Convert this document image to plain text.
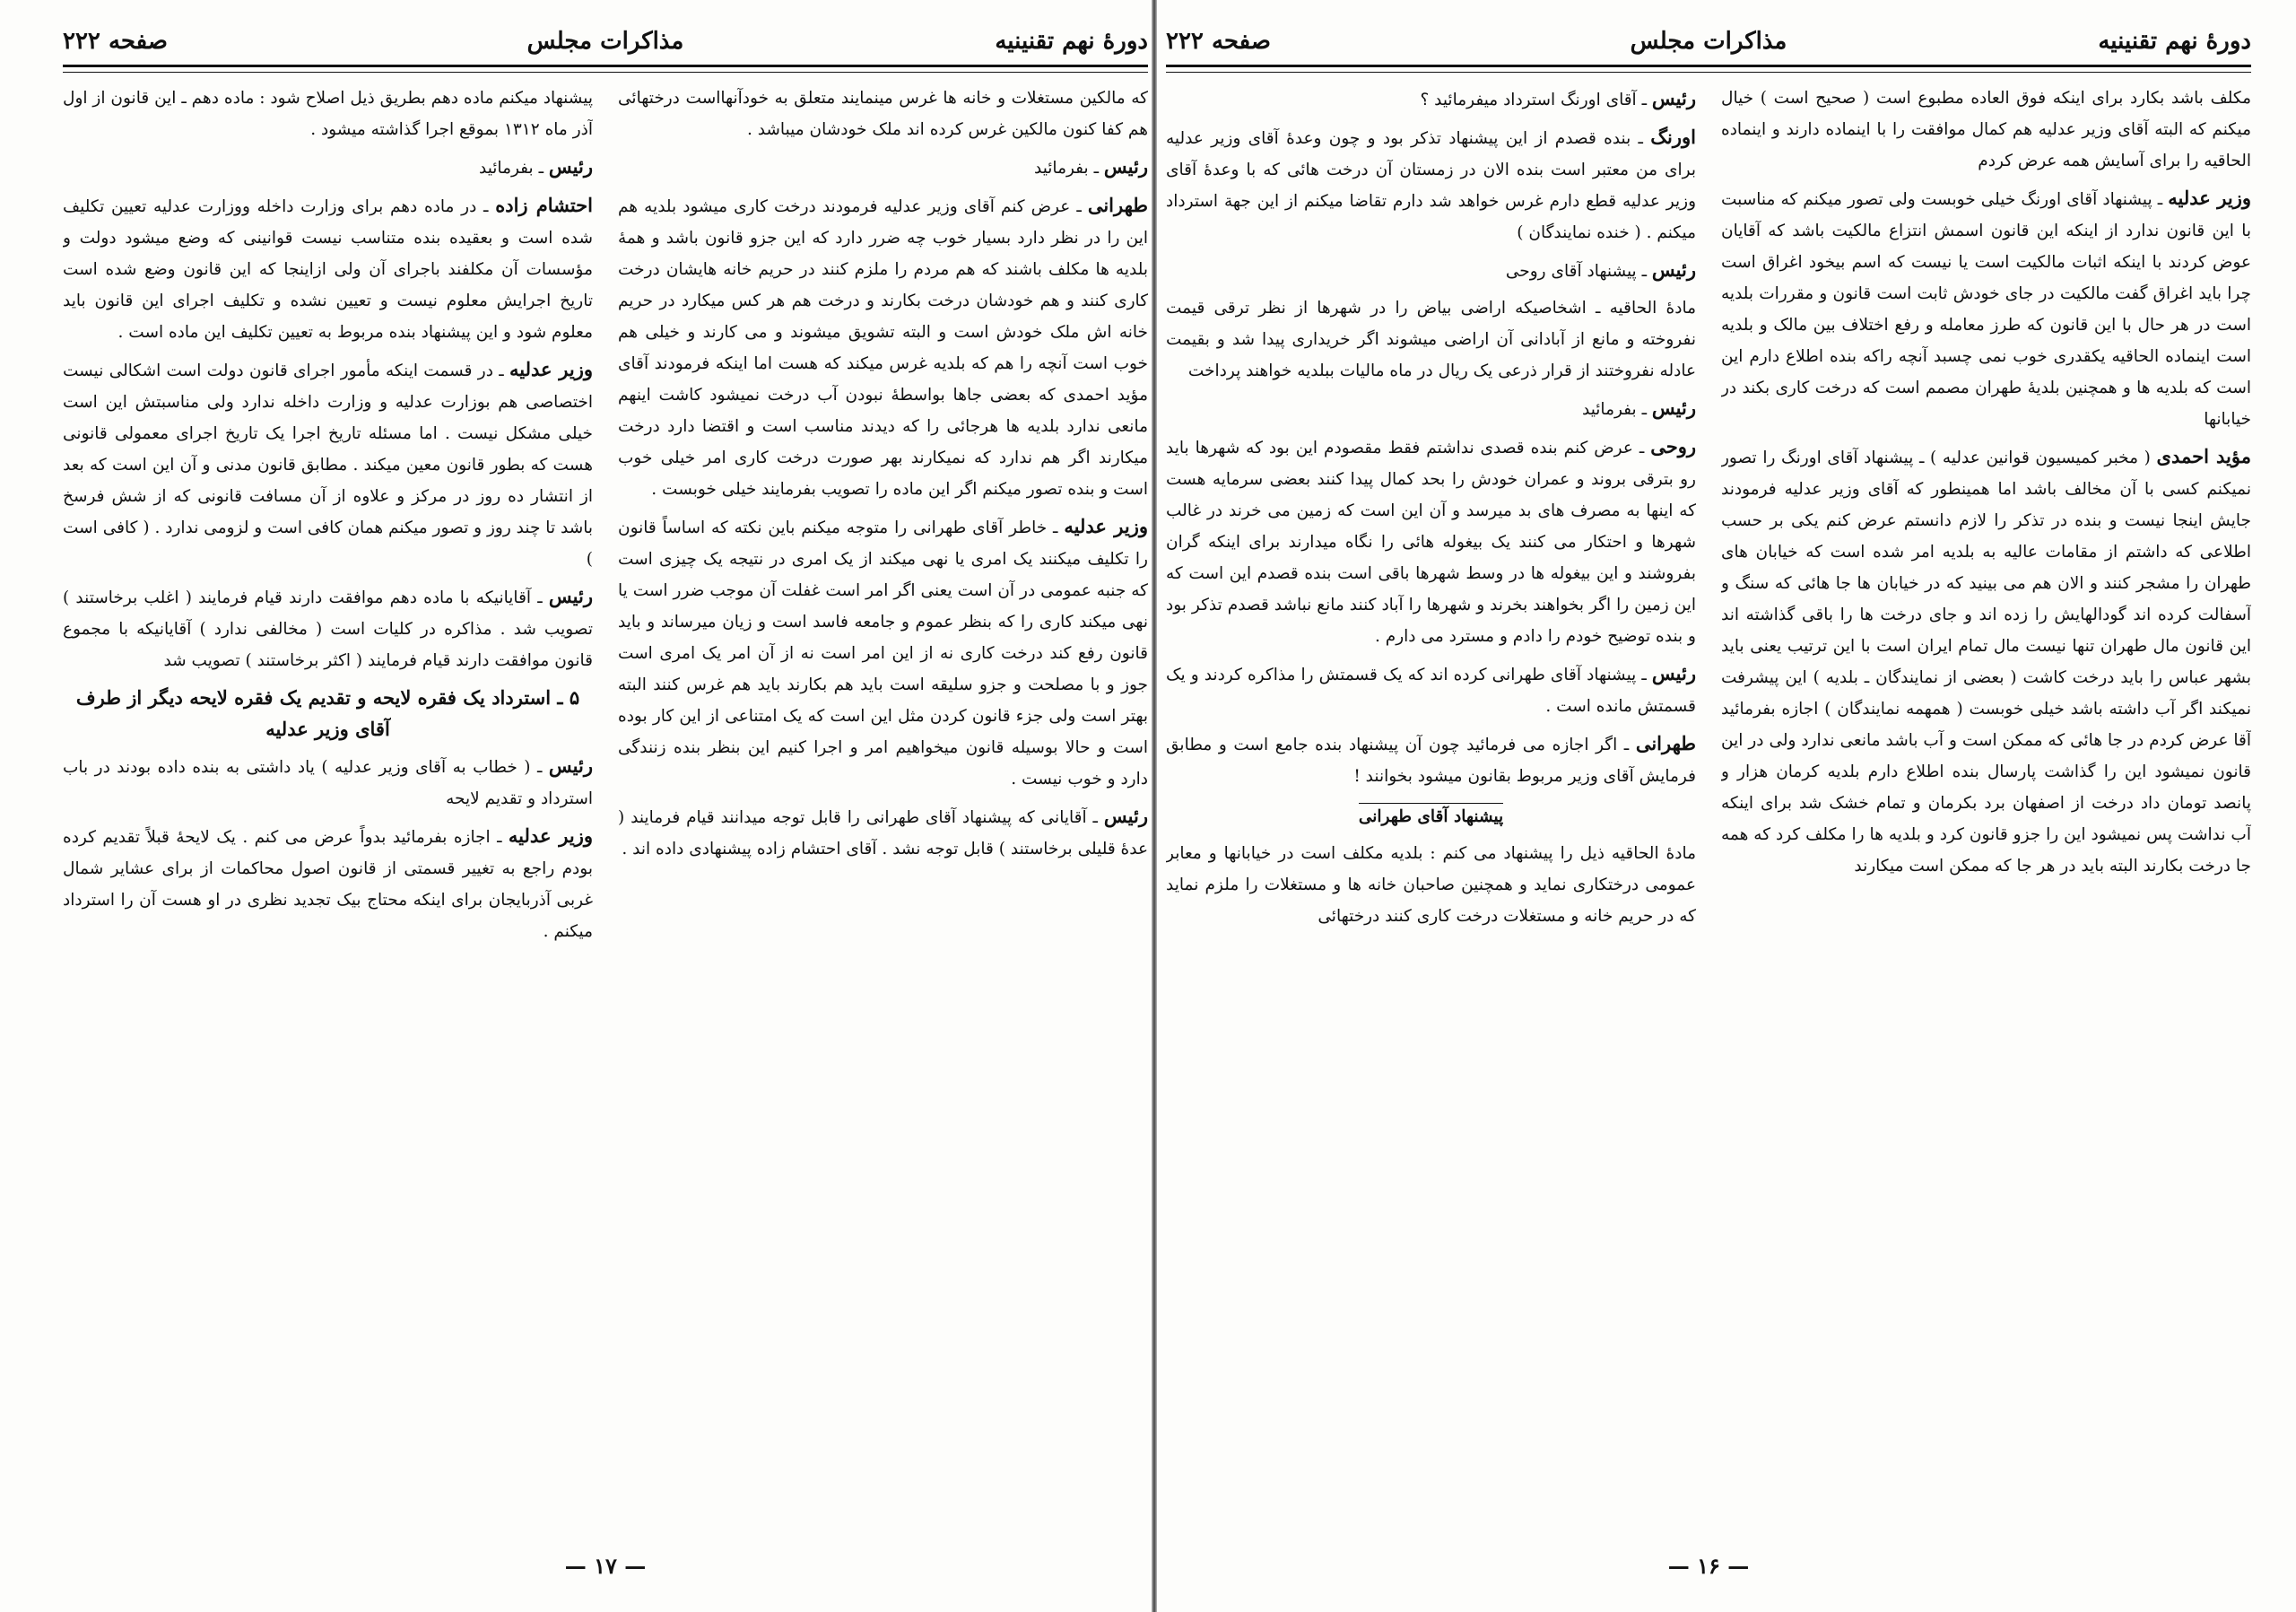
دورهٔ نهم تقنینیه
مذاکرات مجلس
صفحه ۲۲۲

که مالکین مستغلات و خانه ها غرس مینمایند متعلق به خودآنهااست درختهائی هم کفا کنون مالکین غرس کرده اند ملک خودشان میباشد .

رئیس ـ بفرمائید

طهرانی ـ عرض کنم آقای وزیر عدلیه فرمودند درخت کاری میشود بلدیه هم این را در نظر دارد بسیار خوب چه ضرر دارد که این جزو قانون باشد و همهٔ بلدیه ها مکلف باشند که هم مردم را ملزم کنند در حریم خانه هایشان درخت کاری کنند و هم خودشان درخت بکارند و درخت هم هر کس میکارد در حریم خانه اش ملک خودش است و البته تشویق میشوند و می کارند و خیلی هم خوب است آنچه را هم که بلدیه غرس میکند که هست اما اینکه فرمودند آقای مؤید احمدی که بعضی جاها بواسطهٔ نبودن آب درخت نمیشود کاشت اینهم مانعی ندارد بلدیه ها هرجائی را که دیدند مناسب است و اقتضا دارد درخت میکارند اگر هم ندارد که نمیکارند بهر صورت درخت کاری امر خیلی خوب است و بنده تصور میکنم اگر این ماده را تصویب بفرمایند خیلی خوبست .

وزیر عدلیه ـ خاطر آقای طهرانی را متوجه میکنم باین نکته که اساساً قانون را تکلیف میکنند یک امری یا نهی میکند از یک امری در نتیجه یک چیزی است که جنبه عمومی در آن است یعنی اگر امر است غفلت آن موجب ضرر است یا نهی میکند کاری را که بنظر عموم و جامعه فاسد است و زیان میرساند و باید قانون رفع کند درخت کاری نه از این امر است نه از آن امر یک امری است جوز و با مصلحت و جزو سلیقه است باید هم بکارند باید هم غرس کنند البته بهتر است ولی جزء قانون کردن مثل این است که یک امتناعی از این کار بوده است و حالا بوسیله قانون میخواهیم امر و اجرا کنیم این بنظر بنده زنندگی دارد و خوب نیست .

رئیس ـ آقایانی که پیشنهاد آقای طهرانی را قابل توجه میدانند قیام فرمایند ( عدهٔ قلیلی برخاستند ) قابل توجه نشد . آقای احتشام زاده پیشنهادی داده اند .

پیشنهاد میکنم ماده دهم بطریق ذیل اصلاح شود : ماده دهم ـ این قانون از اول آذر ماه ۱۳۱۲ بموقع اجرا گذاشته میشود .

رئیس ـ بفرمائید

احتشام زاده ـ در ماده دهم برای وزارت داخله ووزارت عدلیه تعیین تکلیف شده است و بعقیده بنده متناسب نیست قوانینی که وضع میشود دولت و مؤسسات آن مکلفند باجرای آن ولی ازاینجا که این قانون وضع شده است تاریخ اجرایش معلوم نیست و تعیین نشده و تکلیف اجرای این قانون باید معلوم شود و این پیشنهاد بنده مربوط به تعیین تکلیف این ماده است .

وزیر عدلیه ـ در قسمت اینکه مأمور اجرای قانون دولت است اشکالی نیست اختصاصی هم بوزارت عدلیه و وزارت داخله ندارد ولی مناسبتش این است خیلی مشکل نیست . اما مسئله تاریخ اجرا یک تاریخ اجرای معمولی قانونی هست که بطور قانون معین میکند . مطابق قانون مدنی و آن این است که بعد از انتشار ده روز در مرکز و علاوه از آن مسافت قانونی که از شش فرسخ باشد تا چند روز و تصور میکنم همان کافی است و لزومی ندارد . ( کافی است )

رئیس ـ آقایانیکه با ماده دهم موافقت دارند قیام فرمایند ( اغلب برخاستند ) تصویب شد . مذاکره در کلیات است ( مخالفی ندارد ) آقایانیکه با مجموع قانون موافقت دارند قیام فرمایند ( اکثر برخاستند ) تصویب شد

۵ ـ استرداد یک فقره لایحه و تقدیم یک فقره لایحه دیگر از طرف آقای وزیر عدلیه

رئیس ـ ( خطاب به آقای وزیر عدلیه ) یاد داشتی به بنده داده بودند در باب استرداد و تقدیم لایحه

وزیر عدلیه ـ اجازه بفرمائید بدواً عرض می کنم . یک لایحهٔ قبلاً تقدیم کرده بودم راجع به تغییر قسمتی از قانون اصول محاکمات از برای عشایر شمال غربی آذربایجان برای اینکه محتاج بیک تجدید نظری در او هست آن را استرداد میکنم .

— ۱۷ —
دورهٔ نهم تقنینیه
مذاکرات مجلس
صفحه ۲۲۲

مکلف باشد بکارد برای اینکه فوق العاده مطبوع است ( صحیح است ) خیال میکنم که البته آقای وزیر عدلیه هم کمال موافقت را با اینماده دارند و اینماده الحاقیه را برای آسایش همه عرض کردم

وزیر عدلیه ـ پیشنهاد آقای اورنگ خیلی خوبست ولی تصور میکنم که مناسبت با این قانون ندارد از اینکه این قانون اسمش انتزاع مالکیت باشد که آقایان عوض کردند با اینکه اثبات مالکیت است یا نیست که اسم بیخود اغراق است چرا باید اغراق گفت مالکیت در جای خودش ثابت است قانون و مقررات بلدیه است در هر حال با این قانون که طرز معامله و رفع اختلاف بین مالک و بلدیه است اینماده الحاقیه یکقدری خوب نمی چسبد آنچه راکه بنده اطلاع دارم این است که بلدیه ها و همچنین بلدیهٔ طهران مصمم است که درخت کاری بکند در خیابانها

مؤید احمدی ( مخبر کمیسیون قوانین عدلیه ) ـ پیشنهاد آقای اورنگ را تصور نمیکنم کسی با آن مخالف باشد اما همینطور که آقای وزیر عدلیه فرمودند جایش اینجا نیست و بنده در تذکر را لازم دانستم عرض کنم یکی بر حسب اطلاعی که داشتم از مقامات عالیه به بلدیه امر شده است که خیابان های طهران را مشجر کنند و الان هم می بینید که در خیابان ها جا هائی که سنگ و آسفالت کرده اند گودالهایش را زده اند و جای درخت ها را باقی گذاشته اند این قانون مال طهران تنها نیست مال تمام ایران است با این ترتیب یعنی باید بشهر عباس را باید درخت کاشت ( بعضی از نمایندگان ـ بلدیه ) این پیشرفت نمیکند اگر آب داشته باشد خیلی خوبست ( همهمه نمایندگان ) اجازه بفرمائید آقا عرض کردم در جا هائی که ممکن است و آب باشد مانعی ندارد ولی در این قانون نمیشود این را گذاشت پارسال بنده اطلاع دارم بلدیه کرمان هزار و پانصد تومان داد درخت از اصفهان برد بکرمان و تمام خشک شد برای اینکه آب نداشت پس نمیشود این را جزو قانون کرد و بلدیه ها را مکلف کرد که همه جا درخت بکارند البته باید در هر جا که ممکن است میکارند

رئیس ـ آقای اورنگ استرداد میفرمائید ؟

اورنگ ـ بنده قصدم از این پیشنهاد تذکر بود و چون وعدهٔ آقای وزیر عدلیه برای من معتبر است بنده الان در زمستان آن درخت هائی که با وعدهٔ آقای وزیر عدلیه قطع دارم غرس خواهد شد دارم تقاضا میکنم از این جهة استرداد میکنم . ( خنده نمایندگان )

رئیس ـ پیشنهاد آقای روحی

مادهٔ الحاقیه ـ اشخاصیکه اراضی بیاض را در شهرها از نظر ترقی قیمت نفروخته و مانع از آبادانی آن اراضی میشوند اگر خریداری پیدا شد و بقیمت عادله نفروختند از قرار ذرعی یک ریال در ماه مالیات ببلدیه خواهند پرداخت

رئیس ـ بفرمائید

روحی ـ عرض کنم بنده قصدی نداشتم فقط مقصودم این بود که شهرها باید رو بترقی بروند و عمران خودش را بحد کمال پیدا کنند بعضی سرمایه هست که اینها به مصرف های بد میرسد و آن این است که زمین می خرند در غالب شهرها و احتکار می کنند یک بیغوله هائی را نگاه میدارند برای اینکه گران بفروشند و این بیغوله ها در وسط شهرها باقی است بنده قصدم این است که این زمین را اگر بخواهند بخرند و شهرها را آباد کنند مانع نباشد قصدم تذکر بود و بنده توضیح خودم را دادم و مسترد می دارم .

رئیس ـ پیشنهاد آقای طهرانی کرده اند که یک قسمتش را مذاکره کردند و یک قسمتش مانده است .

طهرانی ـ اگر اجازه می فرمائید چون آن پیشنهاد بنده جامع است و مطابق فرمایش آقای وزیر مربوط بقانون میشود بخوانند !

پیشنهاد آقای طهرانی

مادهٔ الحاقیه ذیل را پیشنهاد می کنم : بلدیه مکلف است در خیابانها و معابر عمومی درختکاری نماید و همچنین صاحبان خانه ها و مستغلات را ملزم نماید که در حریم خانه و مستغلات درخت کاری کنند درختهائی

— ۱۶ —
